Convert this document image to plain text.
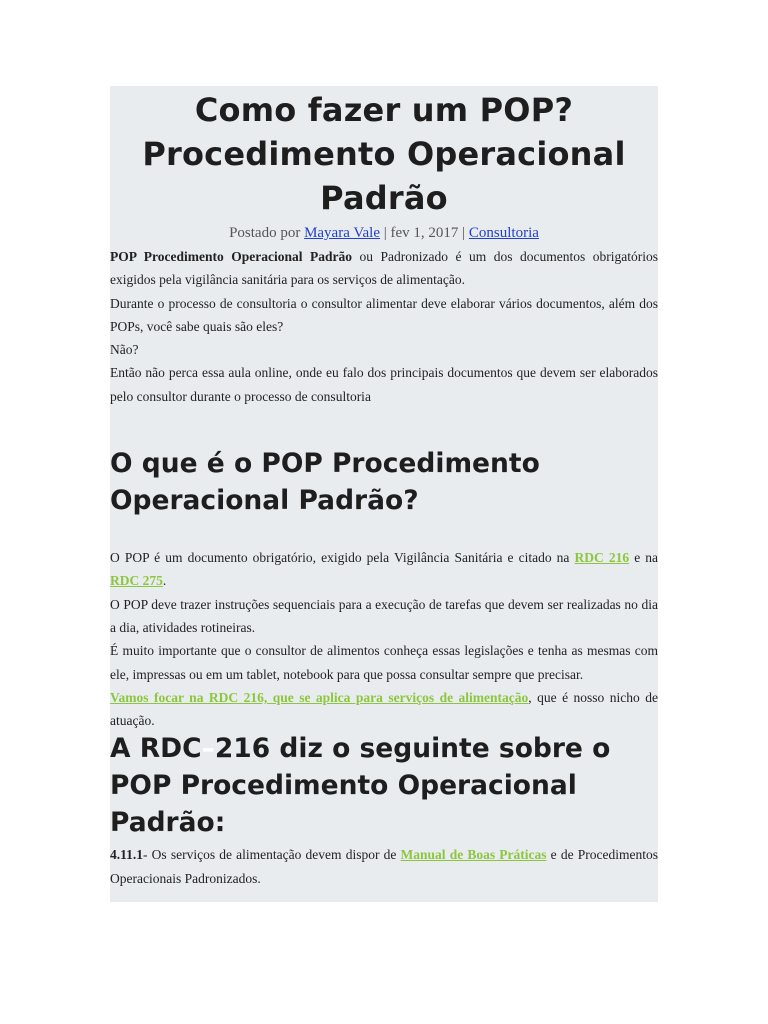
Como fazer um POP?
Procedimento Operacional
Padrão
Postado por Mayara Vale | fev 1, 2017 | Consultoria

POP Procedimento Operacional Padrão ou Padronizado é um dos documentos obrigatórios exigidos pela vigilância sanitária para os serviços de alimentação.

Durante o processo de consultoria o consultor alimentar deve elaborar vários documentos, além dos POPs, você sabe quais são eles?

Não?

Então não perca essa aula online, onde eu falo dos principais documentos que devem ser elaborados pelo consultor durante o processo de consultoria

O que é o POP Procedimento
Operacional Padrão?

O POP é um documento obrigatório, exigido pela Vigilância Sanitária e citado na RDC 216 e na RDC 275.

O POP deve trazer instruções sequenciais para a execução de tarefas que devem ser realizadas no dia a dia, atividades rotineiras.

É muito importante que o consultor de alimentos conheça essas legislações e tenha as mesmas com ele, impressas ou em um tablet, notebook para que possa consultar sempre que precisar.

Vamos focar na RDC 216, que se aplica para serviços de alimentação, que é nosso nicho de atuação.

A RDC–216 diz o seguinte sobre o
POP Procedimento Operacional
Padrão:

4.11.1- Os serviços de alimentação devem dispor de Manual de Boas Práticas e de Procedimentos Operacionais Padronizados.
